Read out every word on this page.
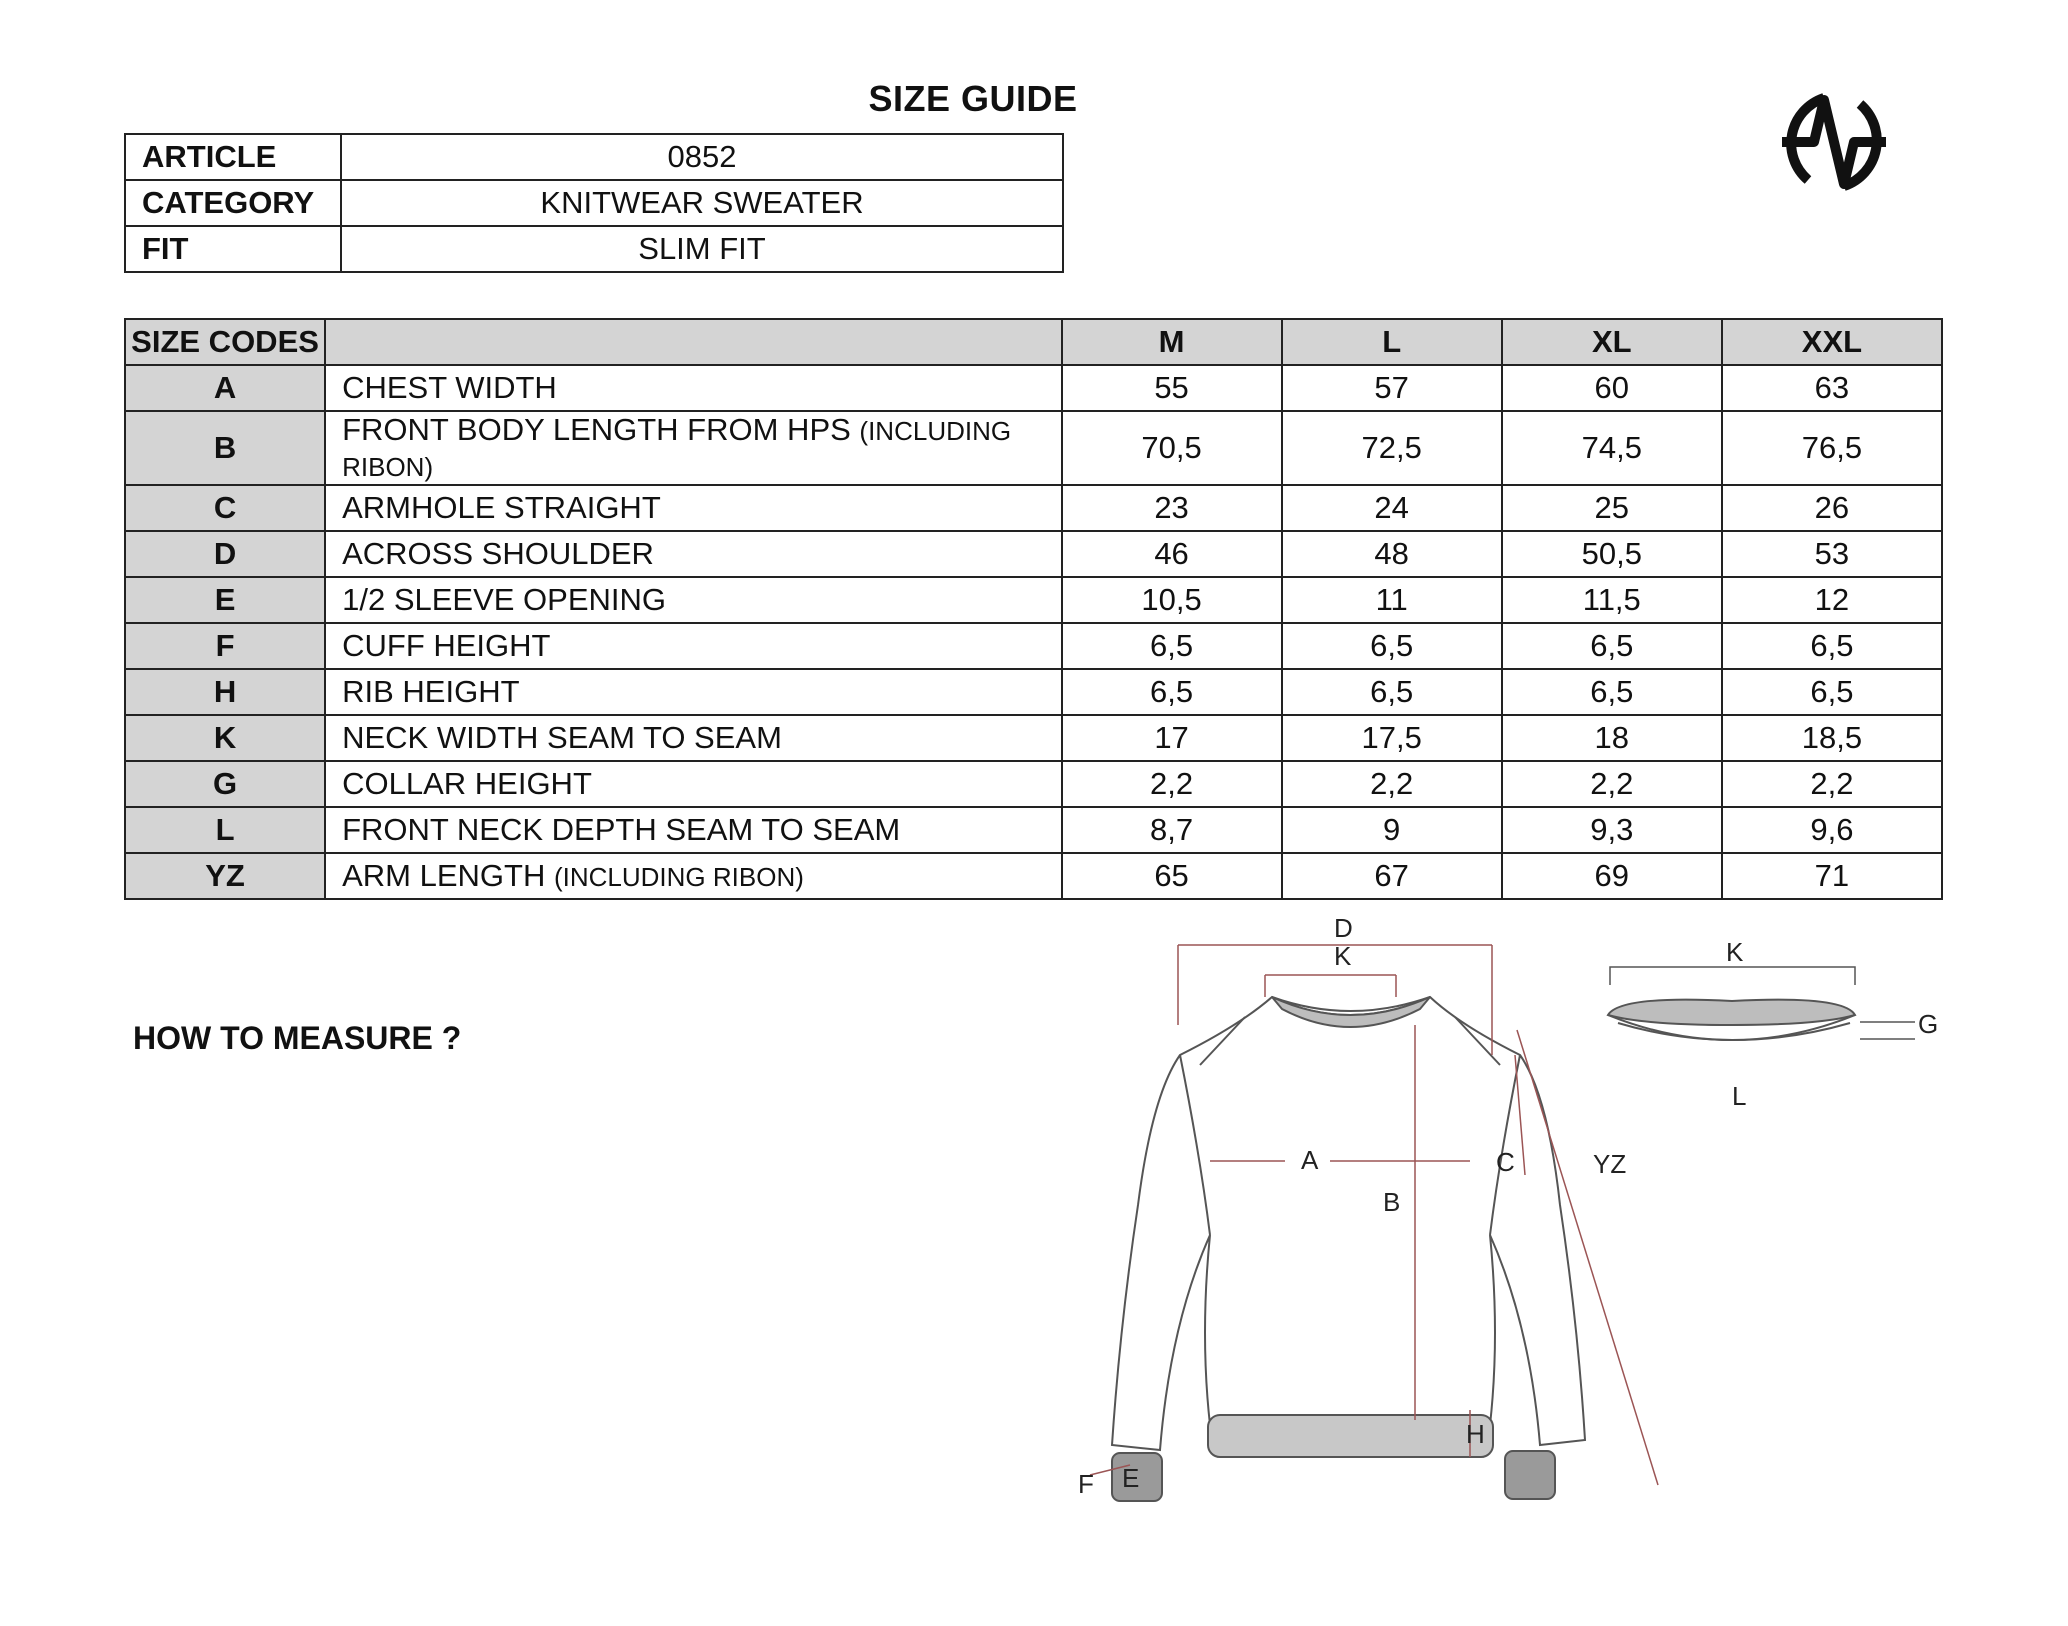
SIZE GUIDE
ARTICLE	0852
CATEGORY	KNITWEAR SWEATER
FIT	SLIM FIT
SIZE CODES		M	L	XL	XXL
A	CHEST WIDTH	55	57	60	63
B	FRONT BODY LENGTH FROM HPS (INCLUDING RIBON)	70,5	72,5	74,5	76,5
C	ARMHOLE STRAIGHT	23	24	25	26
D	ACROSS SHOULDER	46	48	50,5	53
E	1/2 SLEEVE OPENING	10,5	11	11,5	12
F	CUFF HEIGHT	6,5	6,5	6,5	6,5
H	RIB HEIGHT	6,5	6,5	6,5	6,5
K	NECK WIDTH SEAM TO SEAM	17	17,5	18	18,5
G	COLLAR HEIGHT	2,2	2,2	2,2	2,2
L	FRONT NECK DEPTH SEAM TO SEAM	8,7	9	9,3	9,6
YZ	ARM LENGTH (INCLUDING RIBON)	65	67	69	71
HOW TO MEASURE ?
D
K
A
B
C	YZ
H
F E
K
G
L
